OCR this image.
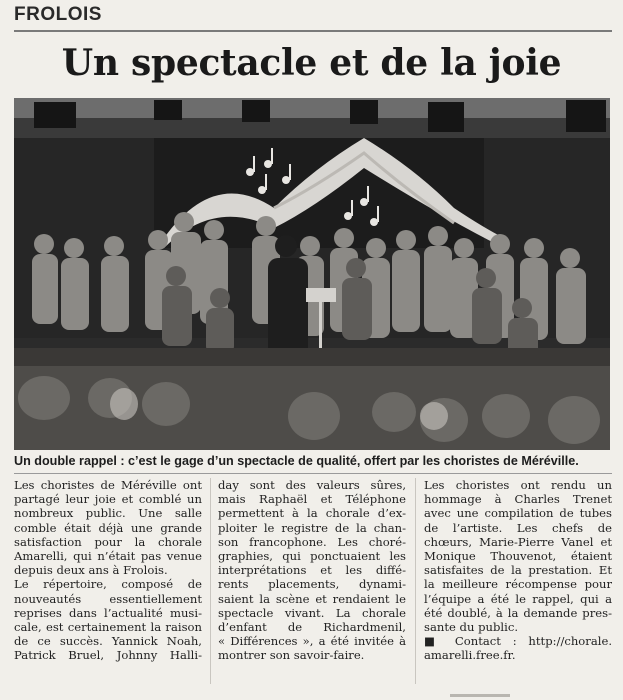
FROLOIS
Un spectacle et de la joie
Un double rappel : c’est le gage d’un spectacle de qualité, offert par les choristes de Méréville.
Les choristes de Méréville ont
partagé leur joie et comblé un
nombreux public. Une salle
comble était déjà une grande
satisfaction pour la chorale
Amarelli, qui n’était pas venue
depuis deux ans à Frolois.
Le répertoire, composé de
nouveautés essentiellement
reprises dans l’actualité musi-
cale, est certainement la raison
de ce succès. Yannick Noah,
Patrick Bruel, Johnny Halli-
day sont des valeurs sûres,
mais Raphaël et Téléphone
permettent à la chorale d’ex-
ploiter le registre de la chan-
son francophone. Les choré-
graphies, qui ponctuaient les
interprétations et les diffé-
rents placements, dynami-
saient la scène et rendaient le
spectacle vivant. La chorale
d’enfant de Richardmenil,
« Différences », a été invitée à
montrer son savoir-faire.
Les choristes ont rendu un
hommage à Charles Trenet
avec une compilation de tubes
de l’artiste. Les chefs de
chœurs, Marie-Pierre Vanel et
Monique Thouvenot, étaient
satisfaites de la prestation. Et
la meilleure récompense pour
l’équipe a été le rappel, qui a
été doublé, à la demande pres-
sante du public.
■ Contact : http://chorale.
amarelli.free.fr.
